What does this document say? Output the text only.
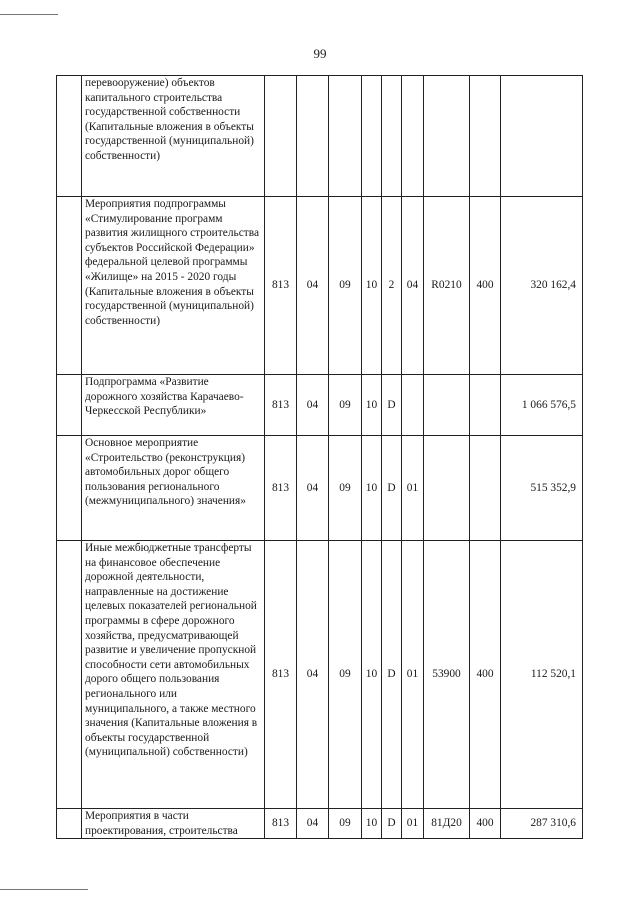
99
	перевооружение) объектов капитального строительства государственной собственности (Капитальные вложения в объекты государственной (муниципальной) собственности)									
	Мероприятия подпрограммы «Стимулирование программ развития жилищного строительства субъектов Российской Федерации» федеральной целевой программы «Жилище» на 2015 - 2020 годы (Капитальные вложения в объекты государственной (муниципальной) собственности)	813	04	09	10	2	04	R0210	400	320 162,4
	Подпрограмма «Развитие дорожного хозяйства Карачаево-Черкесской Республики»	813	04	09	10	D				1 066 576,5
	Основное мероприятие «Строительство (реконструкция) автомобильных дорог общего пользования регионального (межмуниципального) значения»	813	04	09	10	D	01			515 352,9
	Иные межбюджетные трансферты на финансовое обеспечение дорожной деятельности, направленные на достижение целевых показателей региональной программы в сфере дорожного хозяйства, предусматривающей развитие и увеличение пропускной способности сети автомобильных дорого общего пользования регионального или муниципального, а также местного значения (Капитальные вложения в объекты государственной (муниципальной) собственности)	813	04	09	10	D	01	53900	400	112 520,1
	Мероприятия в части проектирования, строительства	813	04	09	10	D	01	81Д20	400	287 310,6
